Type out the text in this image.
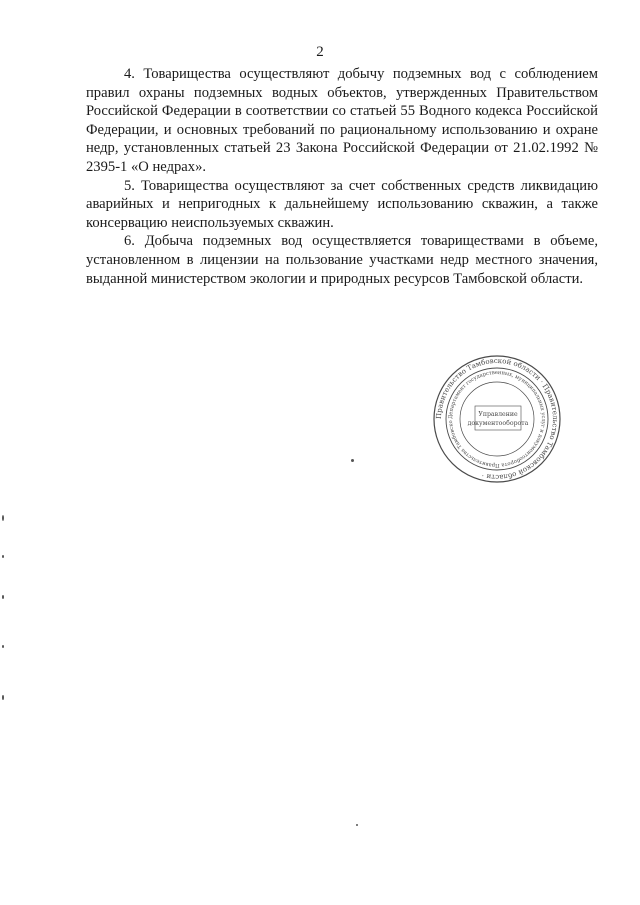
2

4. Товарищества осуществляют добычу подземных вод с соблюдением правил охраны подземных водных объектов, утвержденных Правительством Российской Федерации в соответствии со статьей 55 Водного кодекса Российской Федерации, и основных требований по рациональному использованию и охране недр, установленных статьей 23 Закона Российской Федерации от 21.02.1992 № 2395-1 «О недрах».

5. Товарищества осуществляют за счет собственных средств ликвидацию аварийных и непригодных к дальнейшему использованию скважин, а также консервацию неиспользуемых скважин.

6. Добыча подземных вод осуществляется товариществами в объеме, установленном в лицензии на пользование участками недр местного значения, выданной министерством экологии и природных ресурсов Тамбовской области.

Правительство Тамбовской области · Правительство Тамбовской области ·
Департамент государственных, муниципальных услуг и документооборота Правительства Тамбовско
Управление
документооборота
